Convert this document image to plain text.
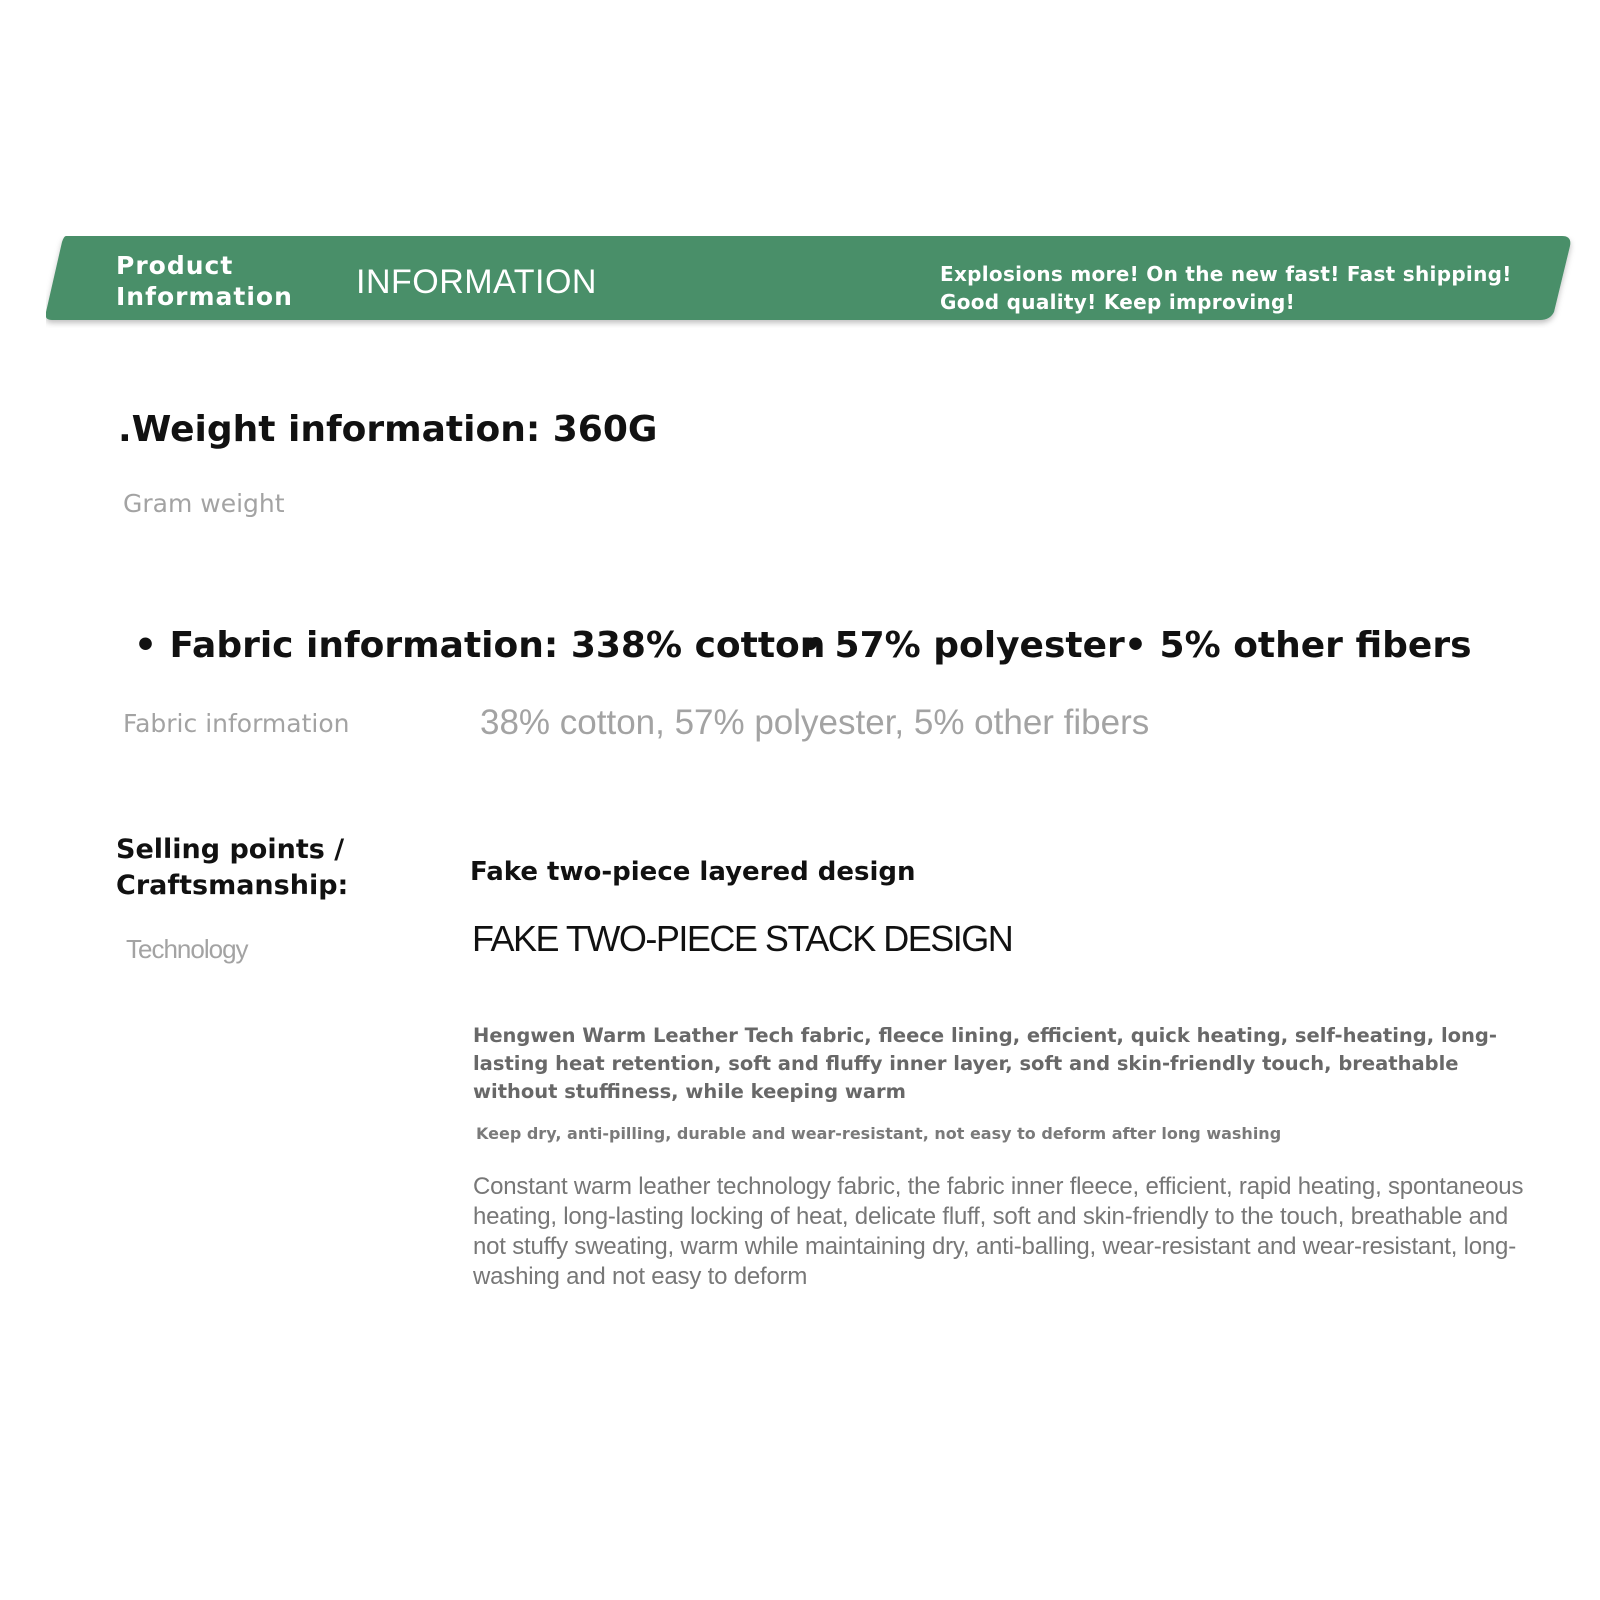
Product
Information INFORMATION	Explosions more! On the new fast! Fast shipping! Good quality! Keep improving!
.Weight information: 360G
Gram weight
• Fabric information: 338% cotton
• 57% polyester • 5% other fibers
Fabric information	38% cotton, 57% polyester, 5% other fibers
Selling points /
Craftsmanship:
Technology
Fake two-piece layered design
FAKE TWO-PIECE STACK DESIGN
Hengwen Warm Leather Tech fabric, fleece lining, efficient, quick heating, self-heating, long-lasting heat retention, soft and fluffy inner layer, soft and skin-friendly touch, breathable without stuffiness, while keeping warm
Keep dry, anti-pilling, durable and wear-resistant, not easy to deform after long washing
Constant warm leather technology fabric, the fabric inner fleece, efficient, rapid heating, spontaneous heating, long-lasting locking of heat, delicate fluff, soft and skin-friendly to the touch, breathable and not stuffy sweating, warm while maintaining dry, anti-balling, wear-resistant and wear-resistant, long-washing and not easy to deform
